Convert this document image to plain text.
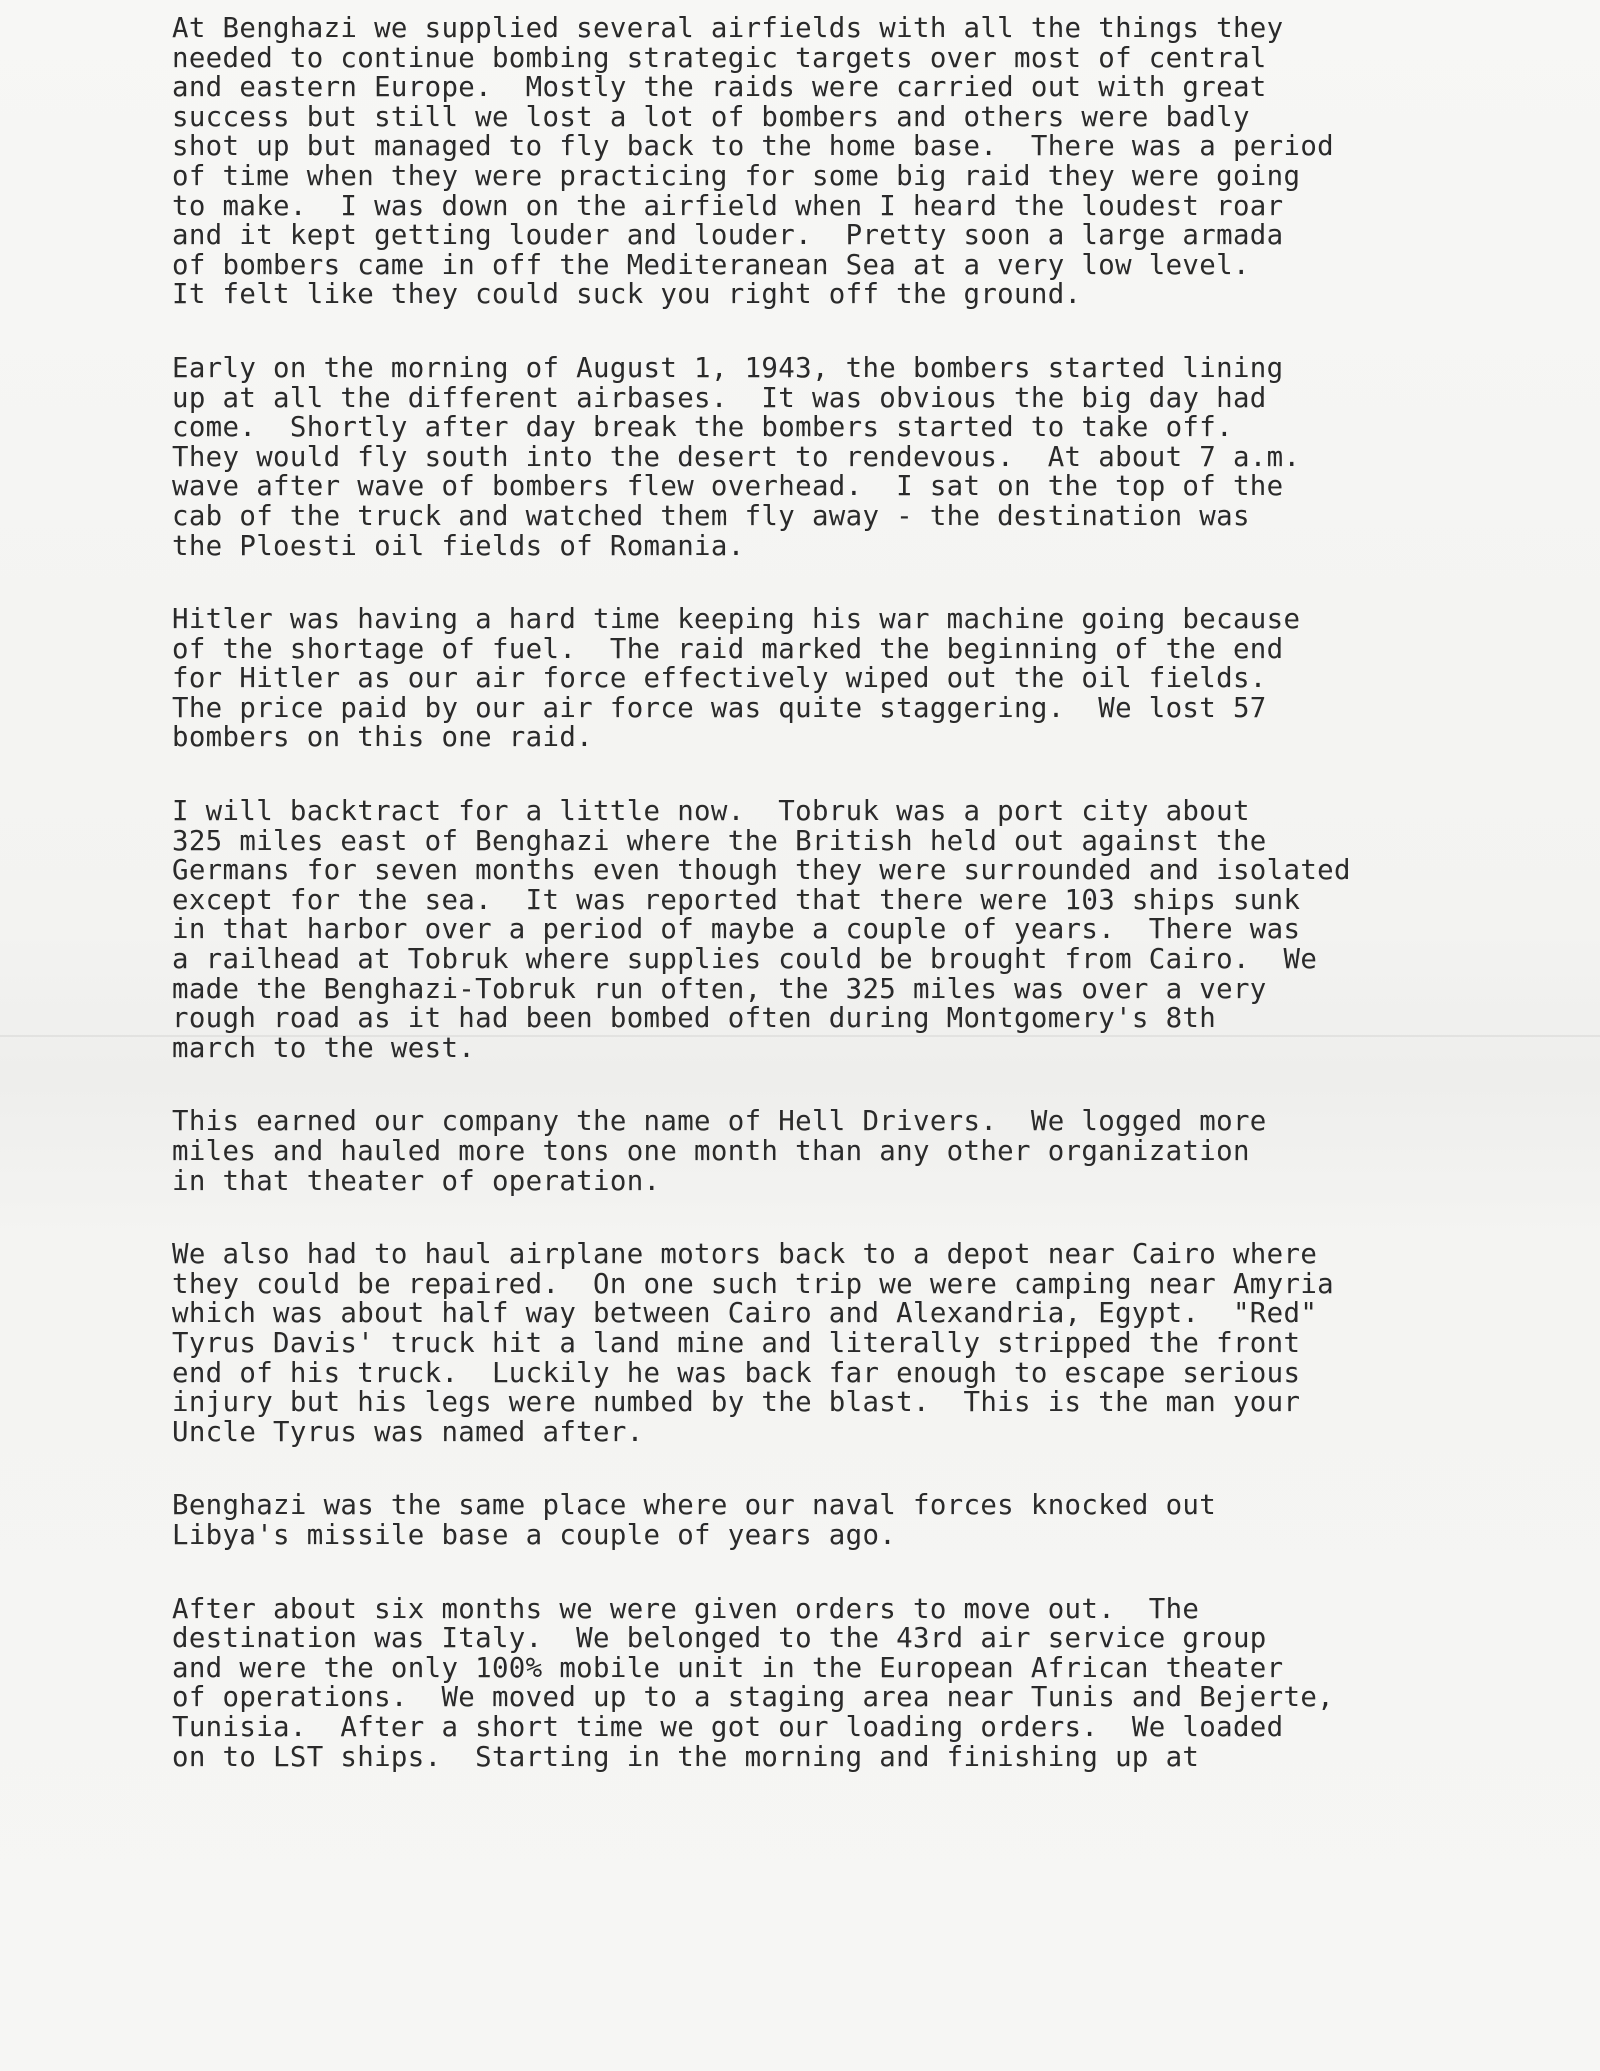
At Benghazi we supplied several airfields with all the things they
needed to continue bombing strategic targets over most of central
and eastern Europe.  Mostly the raids were carried out with great
success but still we lost a lot of bombers and others were badly
shot up but managed to fly back to the home base.  There was a period
of time when they were practicing for some big raid they were going
to make.  I was down on the airfield when I heard the loudest roar
and it kept getting louder and louder.  Pretty soon a large armada
of bombers came in off the Mediteranean Sea at a very low level.
It felt like they could suck you right off the ground.
Early on the morning of August 1, 1943, the bombers started lining
up at all the different airbases.  It was obvious the big day had
come.  Shortly after day break the bombers started to take off.
They would fly south into the desert to rendevous.  At about 7 a.m.
wave after wave of bombers flew overhead.  I sat on the top of the
cab of the truck and watched them fly away - the destination was
the Ploesti oil fields of Romania.
Hitler was having a hard time keeping his war machine going because
of the shortage of fuel.  The raid marked the beginning of the end
for Hitler as our air force effectively wiped out the oil fields.
The price paid by our air force was quite staggering.  We lost 57
bombers on this one raid.
I will backtract for a little now.  Tobruk was a port city about
325 miles east of Benghazi where the British held out against the
Germans for seven months even though they were surrounded and isolated
except for the sea.  It was reported that there were 103 ships sunk
in that harbor over a period of maybe a couple of years.  There was
a railhead at Tobruk where supplies could be brought from Cairo.  We
made the Benghazi-Tobruk run often, the 325 miles was over a very
rough road as it had been bombed often during Montgomery's 8th
march to the west.
This earned our company the name of Hell Drivers.  We logged more
miles and hauled more tons one month than any other organization
in that theater of operation.
We also had to haul airplane motors back to a depot near Cairo where
they could be repaired.  On one such trip we were camping near Amyria
which was about half way between Cairo and Alexandria, Egypt.  "Red"
Tyrus Davis' truck hit a land mine and literally stripped the front
end of his truck.  Luckily he was back far enough to escape serious
injury but his legs were numbed by the blast.  This is the man your
Uncle Tyrus was named after.
Benghazi was the same place where our naval forces knocked out
Libya's missile base a couple of years ago.
After about six months we were given orders to move out.  The
destination was Italy.  We belonged to the 43rd air service group
and were the only 100% mobile unit in the European African theater
of operations.  We moved up to a staging area near Tunis and Bejerte,
Tunisia.  After a short time we got our loading orders.  We loaded
on to LST ships.  Starting in the morning and finishing up at
